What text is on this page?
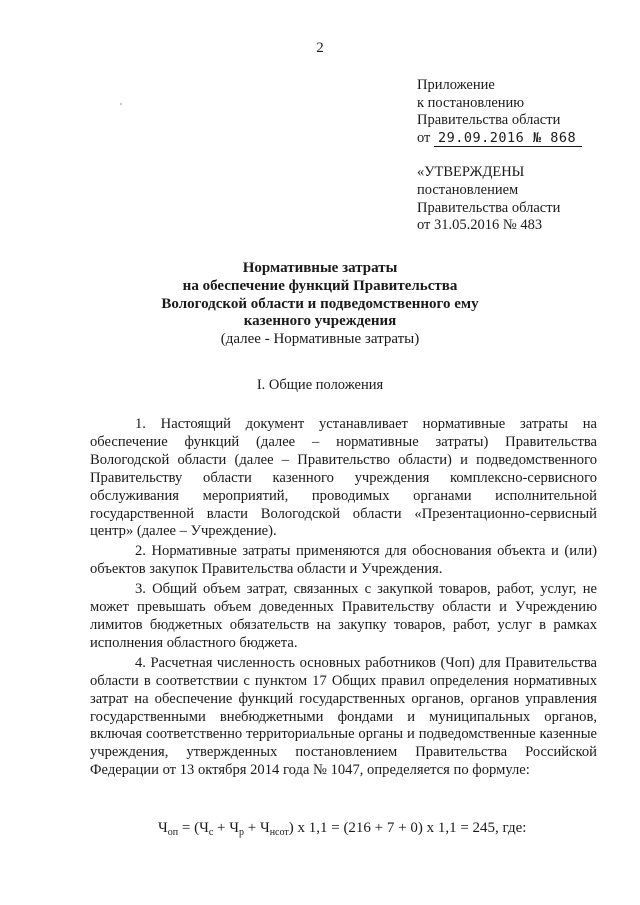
2
Приложение
к постановлению
Правительства области
от 29.09.2016 № 868
«УТВЕРЖДЕНЫ
постановлением
Правительства области
от 31.05.2016 № 483
Нормативные затраты
на обеспечение функций Правительства
Вологодской области и подведомственного ему
казенного учреждения
(далее - Нормативные затраты)
I. Общие положения

1. Настоящий документ устанавливает нормативные затраты на обеспечение функций (далее – нормативные затраты) Правительства Вологодской области (далее – Правительство области) и подведомственного Правительству области казенного учреждения комплексно-сервисного обслуживания мероприятий, проводимых органами исполнительной государственной власти Вологодской области «Презентационно-сервисный центр» (далее – Учреждение).

2. Нормативные затраты применяются для обоснования объекта и (или) объектов закупок Правительства области и Учреждения.

3. Общий объем затрат, связанных с закупкой товаров, работ, услуг, не может превышать объем доведенных Правительству области и Учреждению лимитов бюджетных обязательств на закупку товаров, работ, услуг в рамках исполнения областного бюджета.

4. Расчетная численность основных работников (Чоп) для Правительства области в соответствии с пунктом 17 Общих правил определения нормативных затрат на обеспечение функций государственных органов, органов управления государственными внебюджетными фондами и муниципальных органов, включая соответственно территориальные органы и подведомственные казенные учреждения, утвержденных постановлением Правительства Российской Федерации от 13 октября 2014 года № 1047, определяется по формуле:

$Ч_{оп} = (Ч_с + Ч_р + Ч_{нсот})$ х 1,1 = (216 + 7 + 0) х 1,1 = 245, где:
